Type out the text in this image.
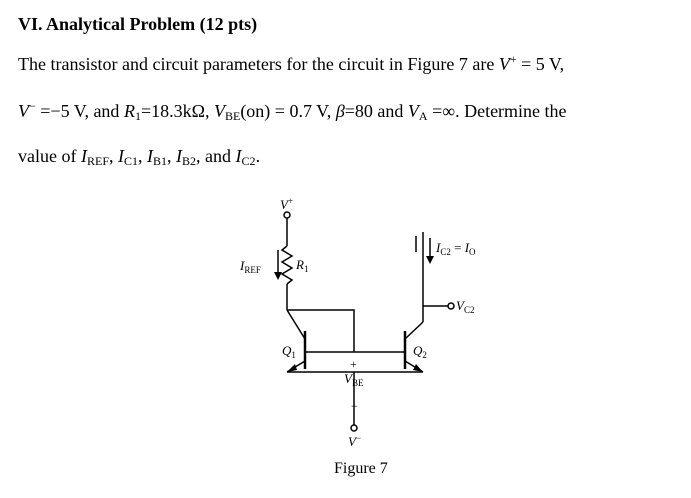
VI. Analytical Problem (12 pts)
The transistor and circuit parameters for the circuit in Figure 7 are V+ = 5 V,
V− =−5 V, and $R_1=18.3k\Omega$, $V_{BE}(on) = 0.7$ V, β=80 and $V_A$ =∞. Determine the
value of $I_{REF}$, $I_{C1}$, $I_{B1}$, $I_{B2}$, and $I_{C2}$.
V+
$R_1$
$I_{REF}$
$I_{C2} = I_O$
$V_{C2}$
$Q_1$	$Q_2$
+
$V_{BE}$
−
V−
Figure 7
